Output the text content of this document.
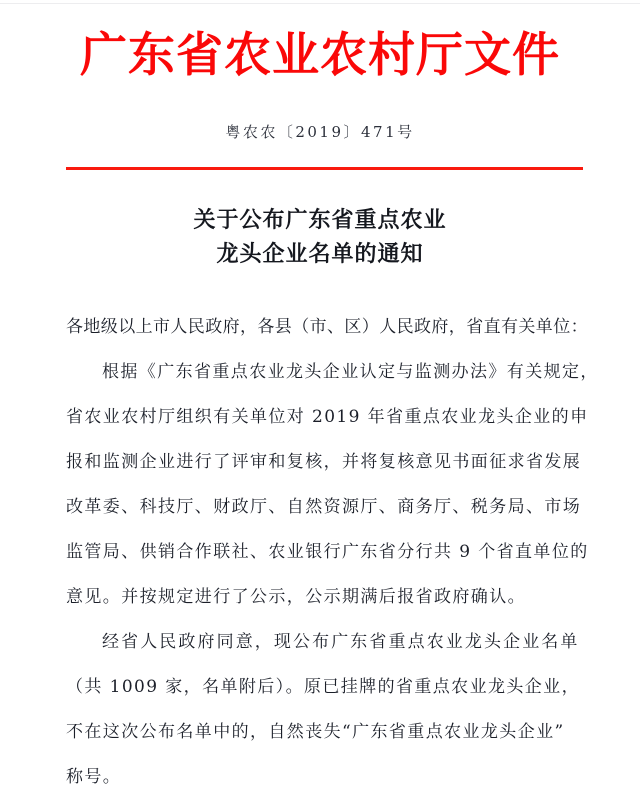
广东省农业农村厅文件
粤农农〔2019〕471号
关于公布广东省重点农业
龙头企业名单的通知
各地级以上市人民政府，各县（市、区）人民政府，省直有关单位：
根据《广东省重点农业龙头企业认定与监测办法》有关规定，
省农业农村厅组织有关单位对 2019 年省重点农业龙头企业的申
报和监测企业进行了评审和复核，并将复核意见书面征求省发展
改革委、科技厅、财政厅、自然资源厅、商务厅、税务局、市场
监管局、供销合作联社、农业银行广东省分行共 9 个省直单位的
意见。并按规定进行了公示，公示期满后报省政府确认。
经省人民政府同意，现公布广东省重点农业龙头企业名单
（共 1009 家，名单附后）。原已挂牌的省重点农业龙头企业，
不在这次公布名单中的，自然丧失“广东省重点农业龙头企业”
称号。
